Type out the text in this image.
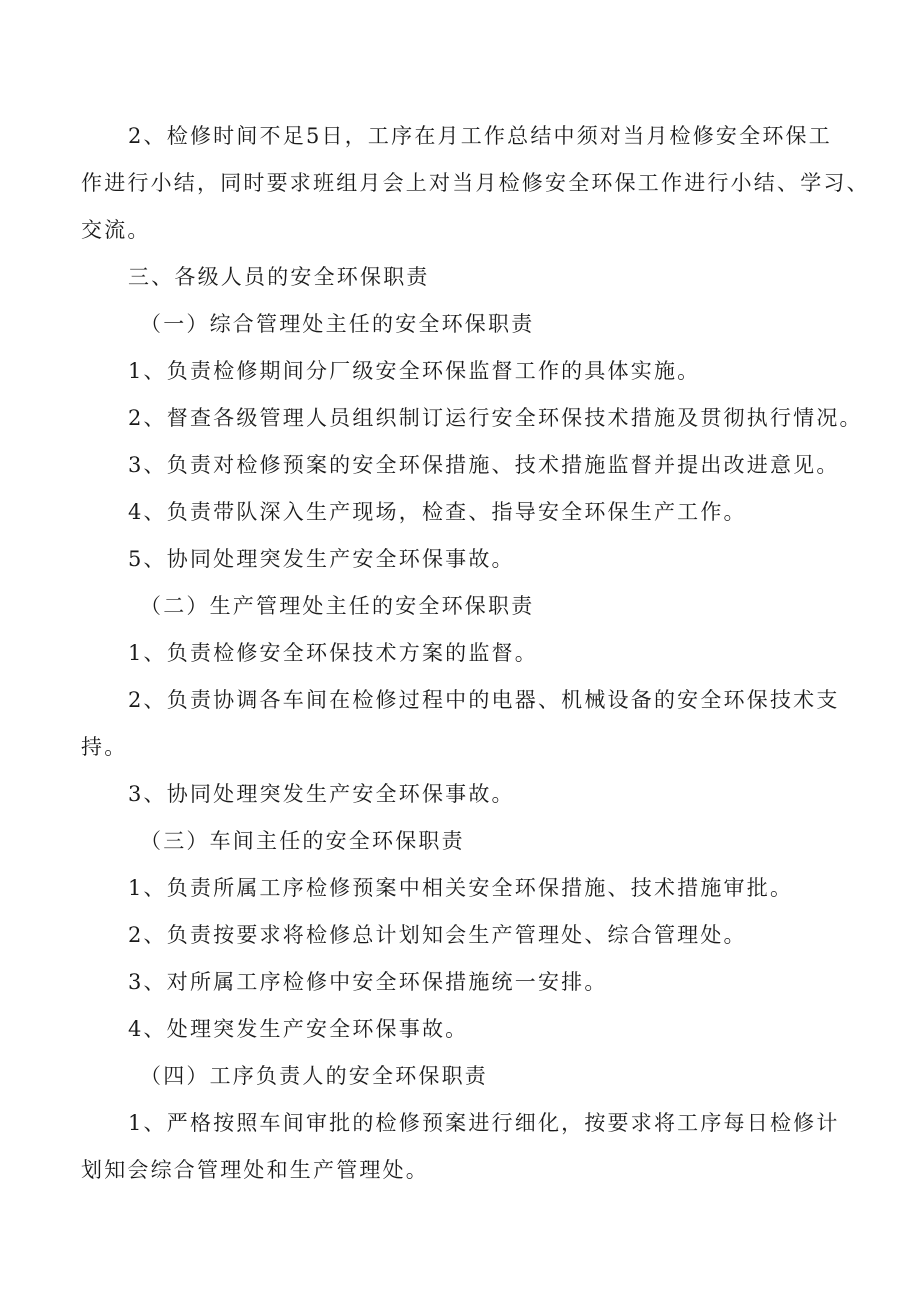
2、检修时间不足5日，工序在月工作总结中须对当月检修安全环保工
作进行小结，同时要求班组月会上对当月检修安全环保工作进行小结、学习、
交流。
三、各级人员的安全环保职责
（一）综合管理处主任的安全环保职责
1、负责检修期间分厂级安全环保监督工作的具体实施。
2、督查各级管理人员组织制订运行安全环保技术措施及贯彻执行情况。
3、负责对检修预案的安全环保措施、技术措施监督并提出改进意见。
4、负责带队深入生产现场，检查、指导安全环保生产工作。
5、协同处理突发生产安全环保事故。
（二）生产管理处主任的安全环保职责
1、负责检修安全环保技术方案的监督。
2、负责协调各车间在检修过程中的电器、机械设备的安全环保技术支
持。
3、协同处理突发生产安全环保事故。
（三）车间主任的安全环保职责
1、负责所属工序检修预案中相关安全环保措施、技术措施审批。
2、负责按要求将检修总计划知会生产管理处、综合管理处。
3、对所属工序检修中安全环保措施统一安排。
4、处理突发生产安全环保事故。
（四）工序负责人的安全环保职责
1、严格按照车间审批的检修预案进行细化，按要求将工序每日检修计
划知会综合管理处和生产管理处。
